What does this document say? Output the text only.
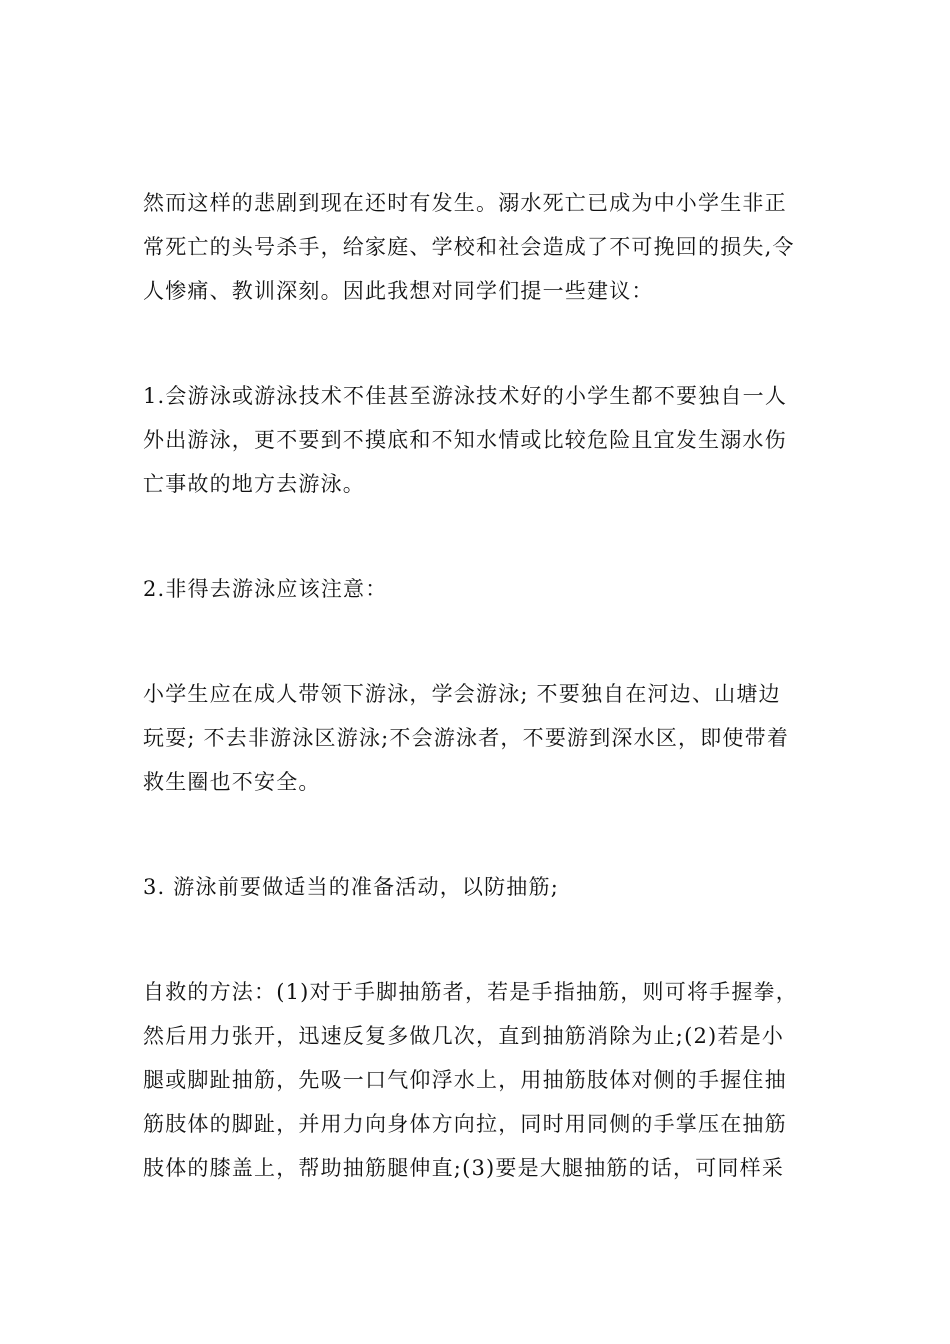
然而这样的悲剧到现在还时有发生。溺水死亡已成为中小学生非正
常死亡的头号杀手，给家庭、学校和社会造成了不可挽回的损失,令
人惨痛、教训深刻。因此我想对同学们提一些建议：
1.会游泳或游泳技术不佳甚至游泳技术好的小学生都不要独自一人
外出游泳，更不要到不摸底和不知水情或比较危险且宜发生溺水伤
亡事故的地方去游泳。
2.非得去游泳应该注意：
小学生应在成人带领下游泳，学会游泳; 不要独自在河边、山塘边
玩耍; 不去非游泳区游泳;不会游泳者，不要游到深水区，即使带着
救生圈也不安全。
3. 游泳前要做适当的准备活动，以防抽筋;
自救的方法：(1)对于手脚抽筋者，若是手指抽筋，则可将手握拳，
然后用力张开，迅速反复多做几次，直到抽筋消除为止;(2)若是小
腿或脚趾抽筋，先吸一口气仰浮水上，用抽筋肢体对侧的手握住抽
筋肢体的脚趾，并用力向身体方向拉，同时用同侧的手掌压在抽筋
肢体的膝盖上，帮助抽筋腿伸直;(3)要是大腿抽筋的话，可同样采
